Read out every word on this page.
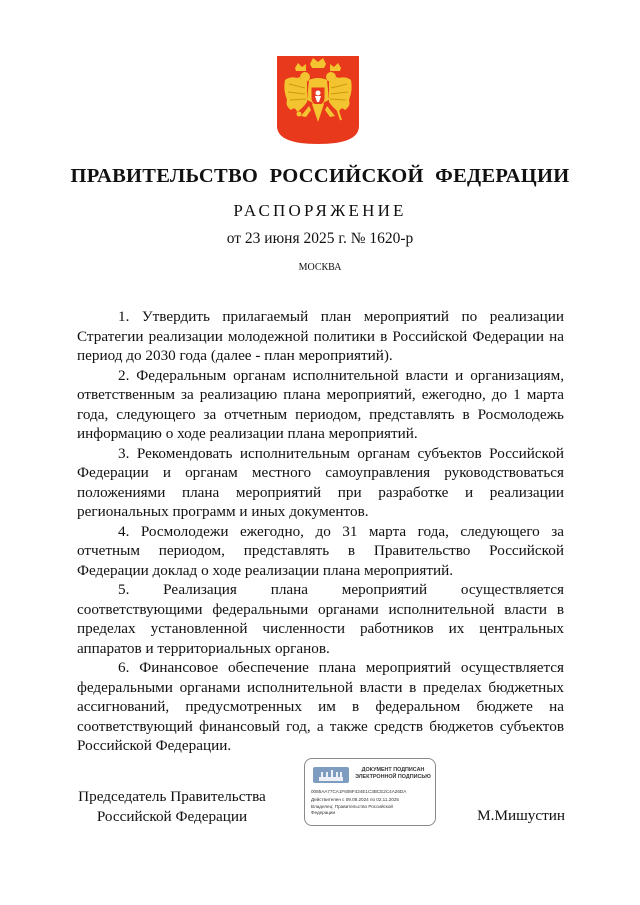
ПРАВИТЕЛЬСТВО РОССИЙСКОЙ ФЕДЕРАЦИИ
РАСПОРЯЖЕНИЕ
от 23 июня 2025 г. № 1620-р
МОСКВА

1. Утвердить прилагаемый план мероприятий по реализации Стратегии реализации молодежной политики в Российской Федерации на период до 2030 года (далее - план мероприятий).

2. Федеральным органам исполнительной власти и организациям, ответственным за реализацию плана мероприятий, ежегодно, до 1 марта года, следующего за отчетным периодом, представлять в Росмолодежь информацию о ходе реализации плана мероприятий.

3. Рекомендовать исполнительным органам субъектов Российской Федерации и органам местного самоуправления руководствоваться положениями плана мероприятий при разработке и реализации региональных программ и иных документов.

4. Росмолодежи ежегодно, до 31 марта года, следующего за отчетным периодом, представлять в Правительство Российской Федерации доклад о ходе реализации плана мероприятий.

5. Реализация плана мероприятий осуществляется соответствующими федеральными органами исполнительной власти в пределах установленной численности работников их центральных аппаратов и территориальных органов.

6. Финансовое обеспечение плана мероприятий осуществляется федеральными органами исполнительной власти в пределах бюджетных ассигнований, предусмотренных им в федеральном бюджете на соответствующий финансовый год, а также средств бюджетов субъектов Российской Федерации.

Председатель Правительства
Российской Федерации
ДОКУМЕНТ ПОДПИСАН
ЭЛЕКТРОННОЙ ПОДПИСЬЮ
0085AA77CA1F608F424E1C3BCE2C4A26DA
Действителен с 09.08.2024 по 02.11.2025
Владелец: Правительство Российской Федерации	М.Мишустин
